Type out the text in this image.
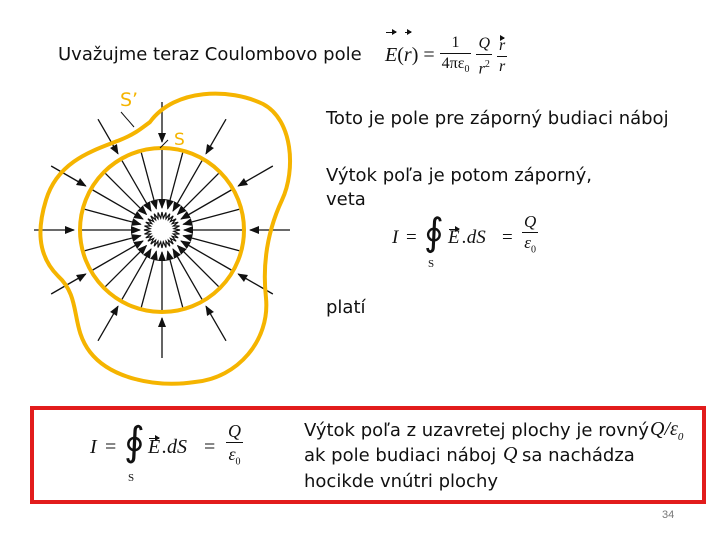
Uvažujme teraz Coulombovo pole $E(r) = \frac{1}{4\pi\varepsilon_0}$
$\frac{Q}{r^2}$
$\frac{r}{r}$
S’
S
Toto je pole pre záporný budiaci náboj
Výtok poľa je potom záporný,
veta
I = ∮ E $.dS = \frac{Q}{\varepsilon_0}$
S
platí
I = ∮ E $.dS = \frac{Q}{\varepsilon_0}$
S
Výtok poľa z uzavretej plochy je rovný $Q/\varepsilon_0$
ak pole budiaci náboj Q sa nachádza
hocikde vnútri plochy
34
